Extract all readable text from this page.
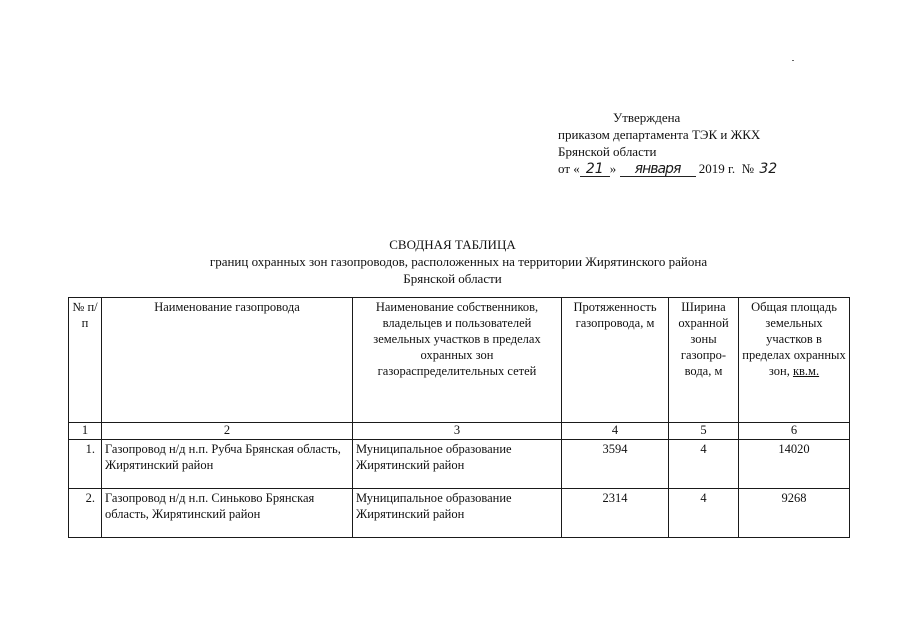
Утверждена
приказом департамента ТЭК и ЖКХ
Брянской области
от « 21 » января 2019 г. № 32
СВОДНАЯ ТАБЛИЦА
границ охранных зон газопроводов, расположенных на территории Жирятинского района
Брянской области
№ п/п	Наименование газопровода	Наименование собственников, владельцев и пользователей земельных участков в пределах охранных зон газораспределительных сетей	Протяженность газопровода, м	Ширина охранной зоны газопро-вода, м	Общая площадь земельных участков в пределах охранных зон, кв.м.
1	2	3	4	5	6
1.	Газопровод н/д н.п. Рубча Брянская область, Жирятинский район	Муниципальное образование Жирятинский район	3594	4	14020
2.	Газопровод н/д н.п. Синьково Брянская область, Жирятинский район	Муниципальное образование Жирятинский район	2314	4	9268
